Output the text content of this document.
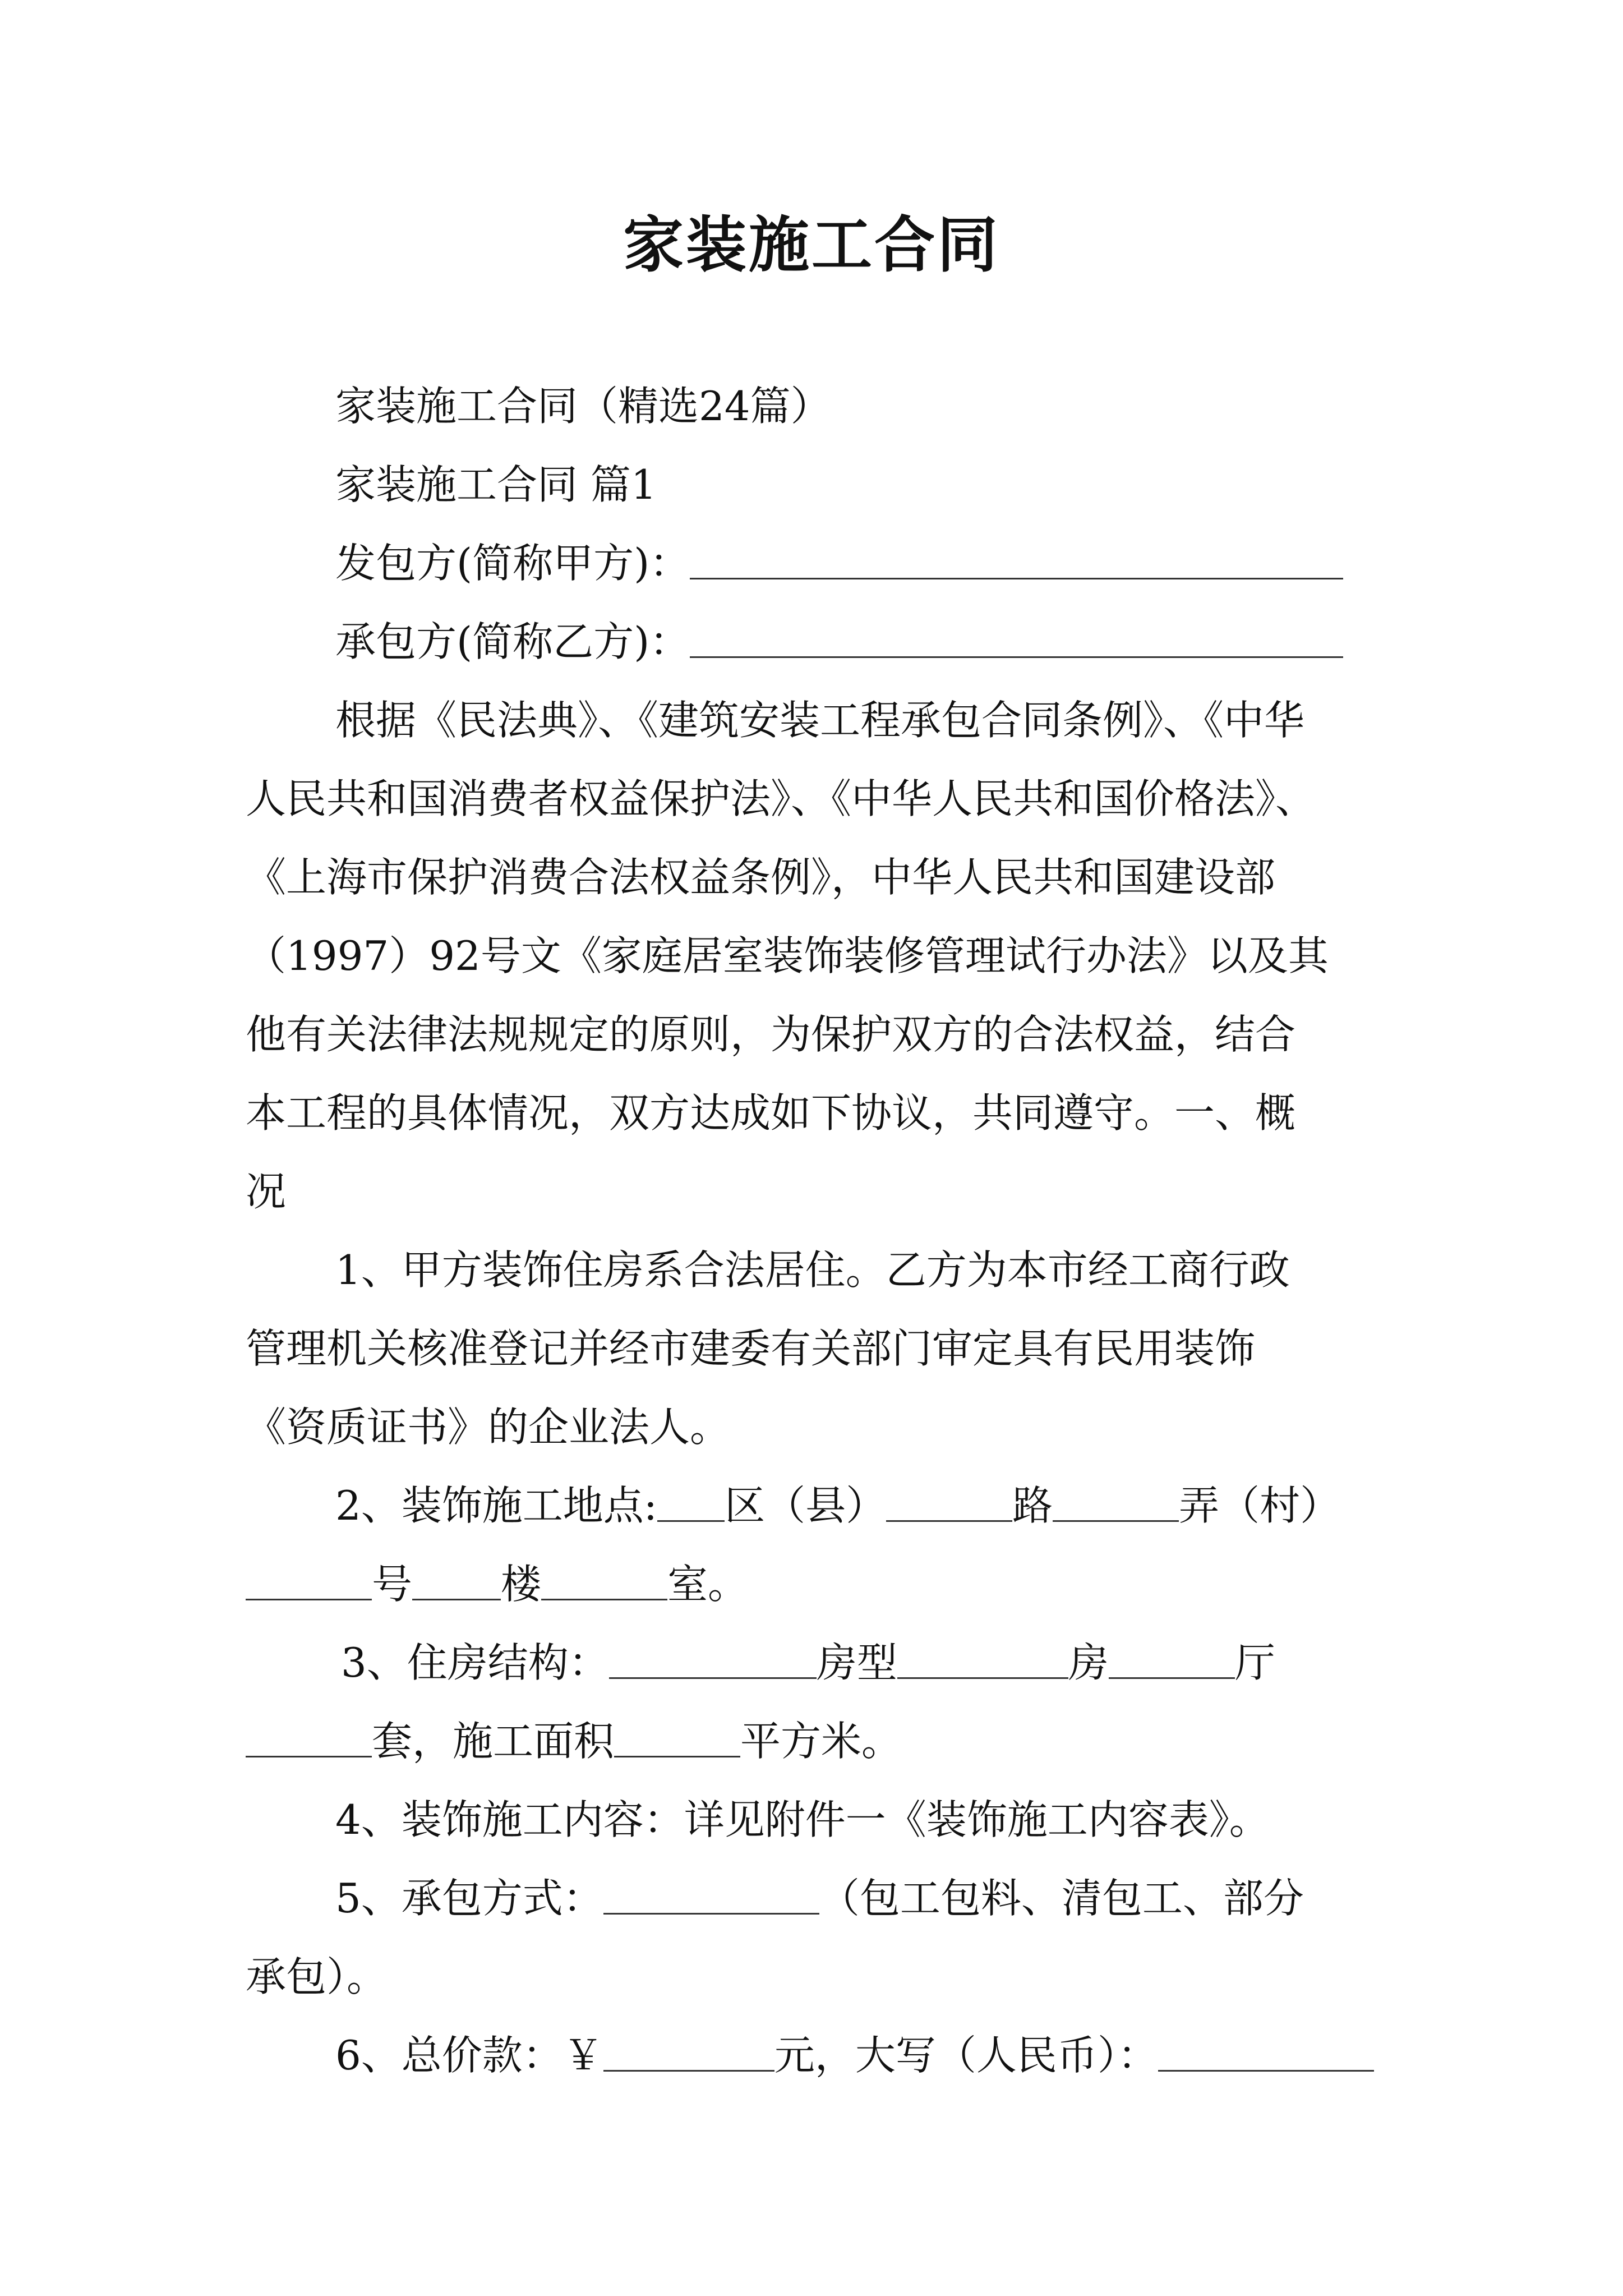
家装施工合同
家装施工合同（精选24篇）
家装施工合同 篇1
发包方(简称甲方)：
承包方(简称乙方)：
根据《民法典》、《建筑安装工程承包合同条例》、《中华
人民共和国消费者权益保护法》、《中华人民共和国价格法》、
《上海市保护消费合法权益条例》，中华人民共和国建设部
（1997）92号文《家庭居室装饰装修管理试行办法》以及其
他有关法律法规规定的原则，为保护双方的合法权益，结合
本工程的具体情况，双方达成如下协议，共同遵守。一、概
况
1、甲方装饰住房系合法居住。乙方为本市经工商行政
管理机关核准登记并经市建委有关部门审定具有民用装饰
《资质证书》的企业法人。
2、装饰施工地点: 区（县）	路	弄（村）
号 楼	室。
3、住房结构：	房型	房	厅
套，施工面积	平方米。
4、装饰施工内容：详见附件一《装饰施工内容表》。
5、承包方式：	（包工包料、清包工、部分
承包）。
6、总价款：￥	元，大写（人民币）：
